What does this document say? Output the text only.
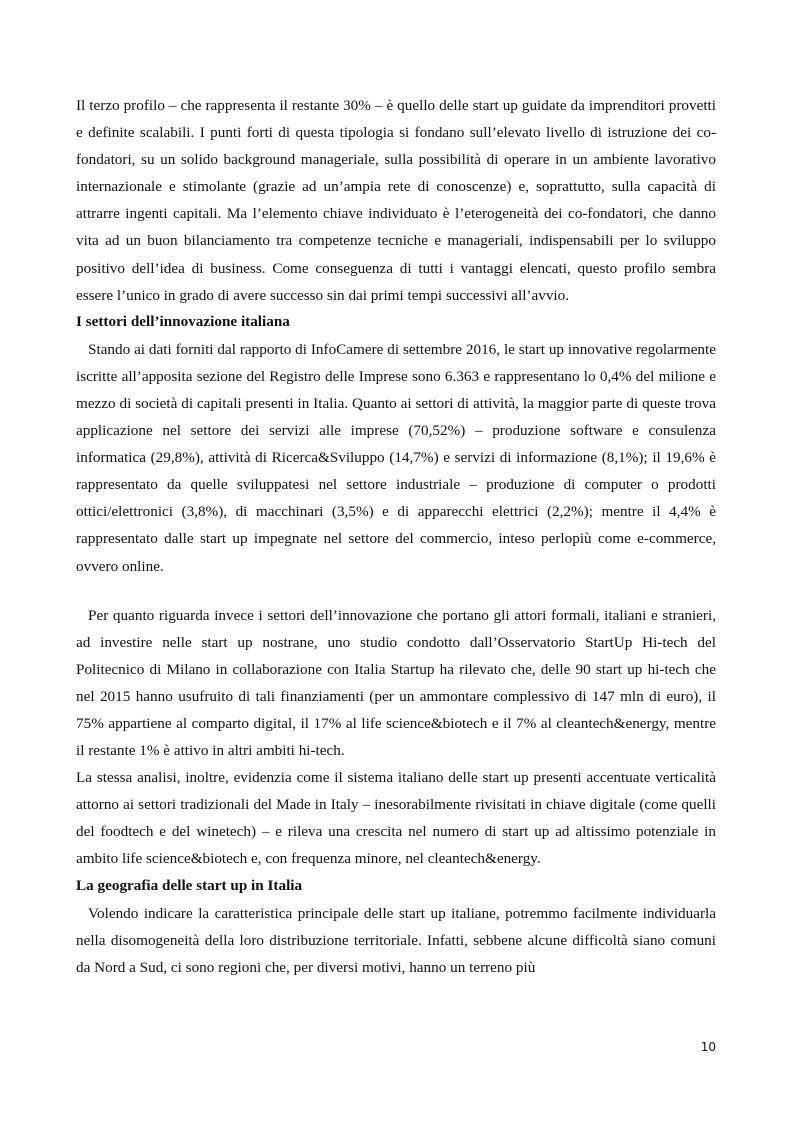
Il terzo profilo – che rappresenta il restante 30% – è quello delle start up guidate da imprenditori provetti e definite scalabili. I punti forti di questa tipologia si fondano sull’elevato livello di istruzione dei co-fondatori, su un solido background manageriale, sulla possibilità di operare in un ambiente lavorativo internazionale e stimolante (grazie ad un’ampia rete di conoscenze) e, soprattutto, sulla capacità di attrarre ingenti capitali. Ma l’elemento chiave individuato è l’eterogeneità dei co-fondatori, che danno vita ad un buon bilanciamento tra competenze tecniche e manageriali, indispensabili per lo sviluppo positivo dell’idea di business. Come conseguenza di tutti i vantaggi elencati, questo profilo sembra essere l’unico in grado di avere successo sin dai primi tempi successivi all’avvio.

I settori dell’innovazione italiana

Stando ai dati forniti dal rapporto di InfoCamere di settembre 2016, le start up innovative regolarmente iscritte all’apposita sezione del Registro delle Imprese sono 6.363 e rappresentano lo 0,4% del milione e mezzo di società di capitali presenti in Italia. Quanto ai settori di attività, la maggior parte di queste trova applicazione nel settore dei servizi alle imprese (70,52%) – produzione software e consulenza informatica (29,8%), attività di Ricerca&Sviluppo (14,7%) e servizi di informazione (8,1%); il 19,6% è rappresentato da quelle sviluppatesi nel settore industriale – produzione di computer o prodotti ottici/elettronici (3,8%), di macchinari (3,5%) e di apparecchi elettrici (2,2%); mentre il 4,4% è rappresentato dalle start up impegnate nel settore del commercio, inteso perlopiù come e-commerce, ovvero online.

Per quanto riguarda invece i settori dell’innovazione che portano gli attori formali, italiani e stranieri, ad investire nelle start up nostrane, uno studio condotto dall’Osservatorio StartUp Hi-tech del Politecnico di Milano in collaborazione con Italia Startup ha rilevato che, delle 90 start up hi-tech che nel 2015 hanno usufruito di tali finanziamenti (per un ammontare complessivo di 147 mln di euro), il 75% appartiene al comparto digital, il 17% al life science&biotech e il 7% al cleantech&energy, mentre il restante 1% è attivo in altri ambiti hi-tech.

La stessa analisi, inoltre, evidenzia come il sistema italiano delle start up presenti accentuate verticalità attorno ai settori tradizionali del Made in Italy – inesorabilmente rivisitati in chiave digitale (come quelli del foodtech e del winetech) – e rileva una crescita nel numero di start up ad altissimo potenziale in ambito life science&biotech e, con frequenza minore, nel cleantech&energy.

La geografia delle start up in Italia

Volendo indicare la caratteristica principale delle start up italiane, potremmo facilmente individuarla nella disomogeneità della loro distribuzione territoriale. Infatti, sebbene alcune difficoltà siano comuni da Nord a Sud, ci sono regioni che, per diversi motivi, hanno un terreno più

10
